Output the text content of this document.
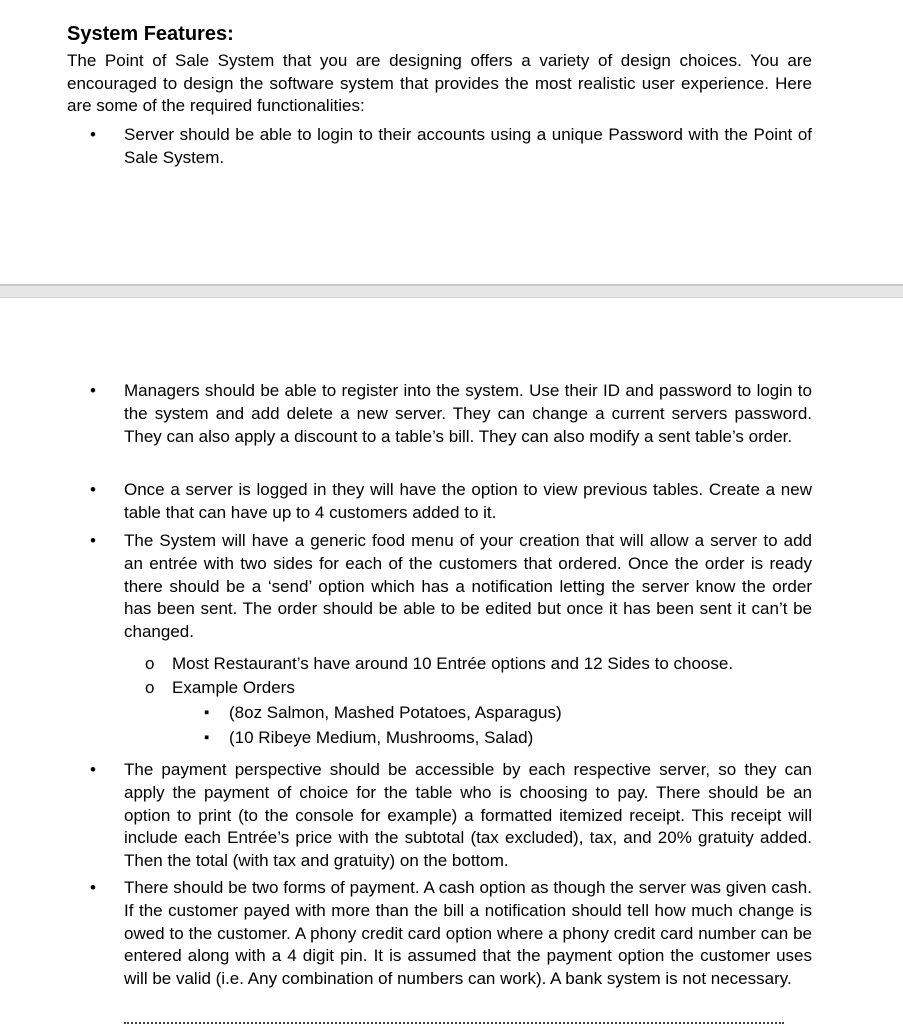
System Features:

The Point of Sale System that you are designing offers a variety of design choices. You are encouraged to design the software system that provides the most realistic user experience. Here are some of the required functionalities:

• Server should be able to login to their accounts using a unique Password with the Point of Sale System.

• Managers should be able to register into the system. Use their ID and password to login to the system and add delete a new server. They can change a current servers password. They can also apply a discount to a table’s bill. They can also modify a sent table’s order.

• Once a server is logged in they will have the option to view previous tables. Create a new table that can have up to 4 customers added to it.

• The System will have a generic food menu of your creation that will allow a server to add an entrée with two sides for each of the customers that ordered. Once the order is ready there should be a ‘send’ option which has a notification letting the server know the order has been sent. The order should be able to be edited but once it has been sent it can’t be changed.

o Most Restaurant’s have around 10 Entrée options and 12 Sides to choose.

o Example Orders

▪ (8oz Salmon, Mashed Potatoes, Asparagus)

▪ (10 Ribeye Medium, Mushrooms, Salad)

• The payment perspective should be accessible by each respective server, so they can apply the payment of choice for the table who is choosing to pay. There should be an option to print (to the console for example) a formatted itemized receipt. This receipt will include each Entrée’s price with the subtotal (tax excluded), tax, and 20% gratuity added. Then the total (with tax and gratuity) on the bottom.

• There should be two forms of payment. A cash option as though the server was given cash. If the customer payed with more than the bill a notification should tell how much change is owed to the customer. A phony credit card option where a phony credit card number can be entered along with a 4 digit pin. It is assumed that the payment option the customer uses will be valid (i.e. Any combination of numbers can work). A bank system is not necessary.
